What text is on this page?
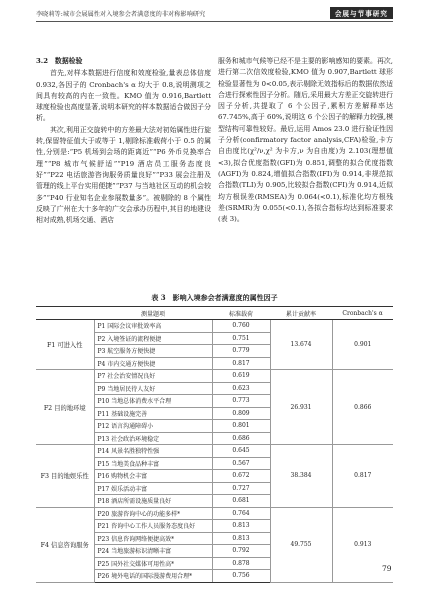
李晓莉等:城市会展属性对入境参会者满意度的非对称影响研究	会展与节事研究

3.2　数据检验

首先,对样本数据进行信度和效度检验,量表总体信度 0.932,各因子的 Cronbach's α 均大于 0.8,说明测项之间具有较高的内在一致性。KMO 值为 0.916,Bartlett 球度检验也高度显著,说明本研究的样本数据适合做因子分析。

其次,利用正交旋转中的方差最大法对初始属性进行旋转,保留特征值大于或等于 1,剔除标准载荷小于 0.5 的属性,分别是:“P5 机场到会场的距离近”“P6 外币兑换率合理”“P8 城市气候舒适”“P19 酒店员工服务态度良好”“P22 电话旅游咨询服务质量良好”“P33 展会注册及管理的线上平台实用便捷”“P37 与当地社区互动的机会较多”“P40 行业知名企业参展数量多”。被剔除的 8 个属性反映了广州在大十多年的广交会承办历程中,其目的地建设相对成熟,机场交通、酒店

服务和城市气候等已经不是主要的影响感知的要素。再次,进行第二次信效度检验,KMO 值为 0.907,Bartlett 球形检验显著性为 0<0.05,表示剔除无效指标后的数据依然适合进行探索性因子分析。随后,采用最大方差正交旋转进行因子分析,共提取了 6 个公因子,累积方差解释率达 67.745%,高于 60%,说明这 6 个公因子的解释力较强,模型结构可靠性较好。最后,运用 Amos 23.0 进行验证性因子分析(confirmatory factor analysis,CFA)检验,卡方自由度比(χ²/ν,χ² 为卡方,ν 为自由度)为 2.103(理想值<3),拟合优度指数(GFI)为 0.851,调整的拟合优度指数(AGFI)为 0.824,增值拟合指数(IFI)为 0.914,非规范拟合指数(TLI)为 0.905,比较拟合指数(CFI)为 0.914,近似均方根误差(RMSEA)为 0.064(<0.1),标准化均方根残差(SRMR)为 0.055(<0.1),各拟合指标均达到标准要求(表 3)。

表 3　影响入境参会者满意度的属性因子
	测量题项	标准载荷	累计贡献率	Cronbach's α
F1 可进入性	P1 国际会议审批效率高	0.760	13.674	0.901
	P2 入境签证的流程便捷	0.751		
	P3 航空服务方便快捷	0.779		
	P4 市内交通方便快捷	0.817		
F2 目的地环境	P7 社会治安情况良好	0.619	26.931	0.866
	P9 当地居民待人友好	0.623		
	P10 当地总体消费水平合理	0.773		
	P11 基础设施完善	0.809		
	P12 语言沟通障碍小	0.801		
	P13 社会政治环境稳定	0.686		
F3 目的地娱乐性	P14 风景名胜独特性强	0.645	38.384	0.817
	P15 当地美食品种丰富	0.567		
	P16 购物机会丰富	0.672		
	P17 娱乐活动丰富	0.727		
	P18 酒店所需设施质量良好	0.681		
F4 信息咨询服务	P20 旅游咨询中心的功能多样*	0.764	49.755	0.913
	P21 咨询中心工作人员服务态度良好	0.813		
	P23 信息咨询网络便捷高效*	0.813		
	P24 当地旅游标识清晰丰富	0.792		
	P25 国外社交媒体可用性高*	0.878		
	P26 境外电话的国际漫游费用合理*	0.756		
79
